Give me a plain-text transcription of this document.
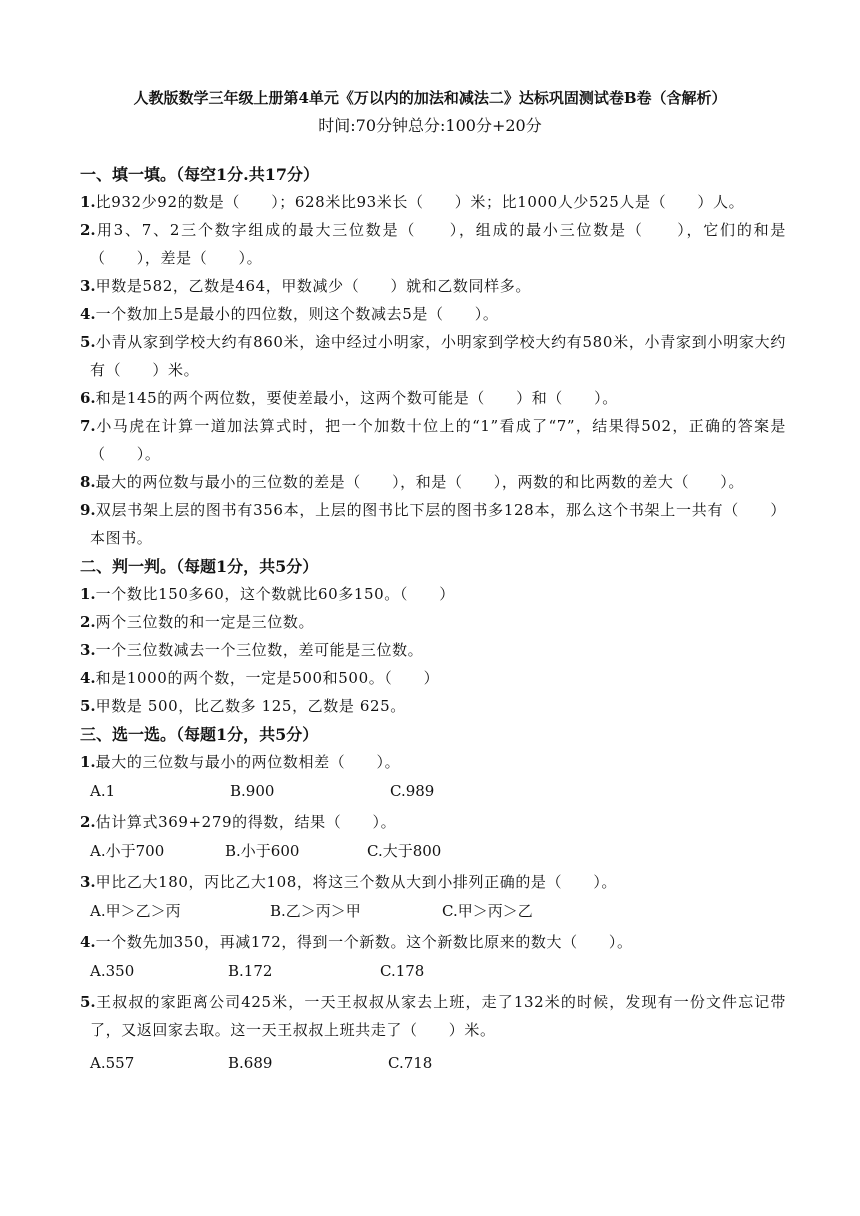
人教版数学三年级上册第4单元《万以内的加法和减法二》达标巩固测试卷B卷（含解析）
时间:70分钟总分:100分+20分
一、填一填。（每空1分.共17分）
1.比932少92的数是（　　）；628米比93米长（　　）米；比1000人少525人是（　　）人。
2.用3、7、2三个数字组成的最大三位数是（　　），组成的最小三位数是（　　），它们的和是（　　），差是（　　）。
3.甲数是582，乙数是464，甲数减少（　　）就和乙数同样多。
4.一个数加上5是最小的四位数，则这个数减去5是（　　）。
5.小青从家到学校大约有860米，途中经过小明家，小明家到学校大约有580米，小青家到小明家大约有（　　）米。
6.和是145的两个两位数，要使差最小，这两个数可能是（　　）和（　　）。
7.小马虎在计算一道加法算式时，把一个加数十位上的“1”看成了“7”，结果得502，正确的答案是（　　）。
8.最大的两位数与最小的三位数的差是（　　），和是（　　），两数的和比两数的差大（　　）。
9.双层书架上层的图书有356本，上层的图书比下层的图书多128本，那么这个书架上一共有（　　）本图书。
二、判一判。（每题1分，共5分）
1.一个数比150多60，这个数就比60多150。（　　）
2.两个三位数的和一定是三位数。
3.一个三位数减去一个三位数，差可能是三位数。
4.和是1000的两个数，一定是500和500。（　　）
5.甲数是 500，比乙数多 125，乙数是 625。
三、选一选。（每题1分，共5分）
1.最大的三位数与最小的两位数相差（　　）。
A.1	B.900	C.989
2.估计算式369+279的得数，结果（　　）。
A.小于700	B.小于600	C.大于800
3.甲比乙大180，丙比乙大108，将这三个数从大到小排列正确的是（　　）。
A.甲＞乙＞丙	B.乙＞丙＞甲	C.甲＞丙＞乙
4.一个数先加350，再减172，得到一个新数。这个新数比原来的数大（　　）。
A.350	B.172	C.178
5.王叔叔的家距离公司425米，一天王叔叔从家去上班，走了132米的时候，发现有一份文件忘记带了，又返回家去取。这一天王叔叔上班共走了（　　）米。
A.557	B.689	C.718
